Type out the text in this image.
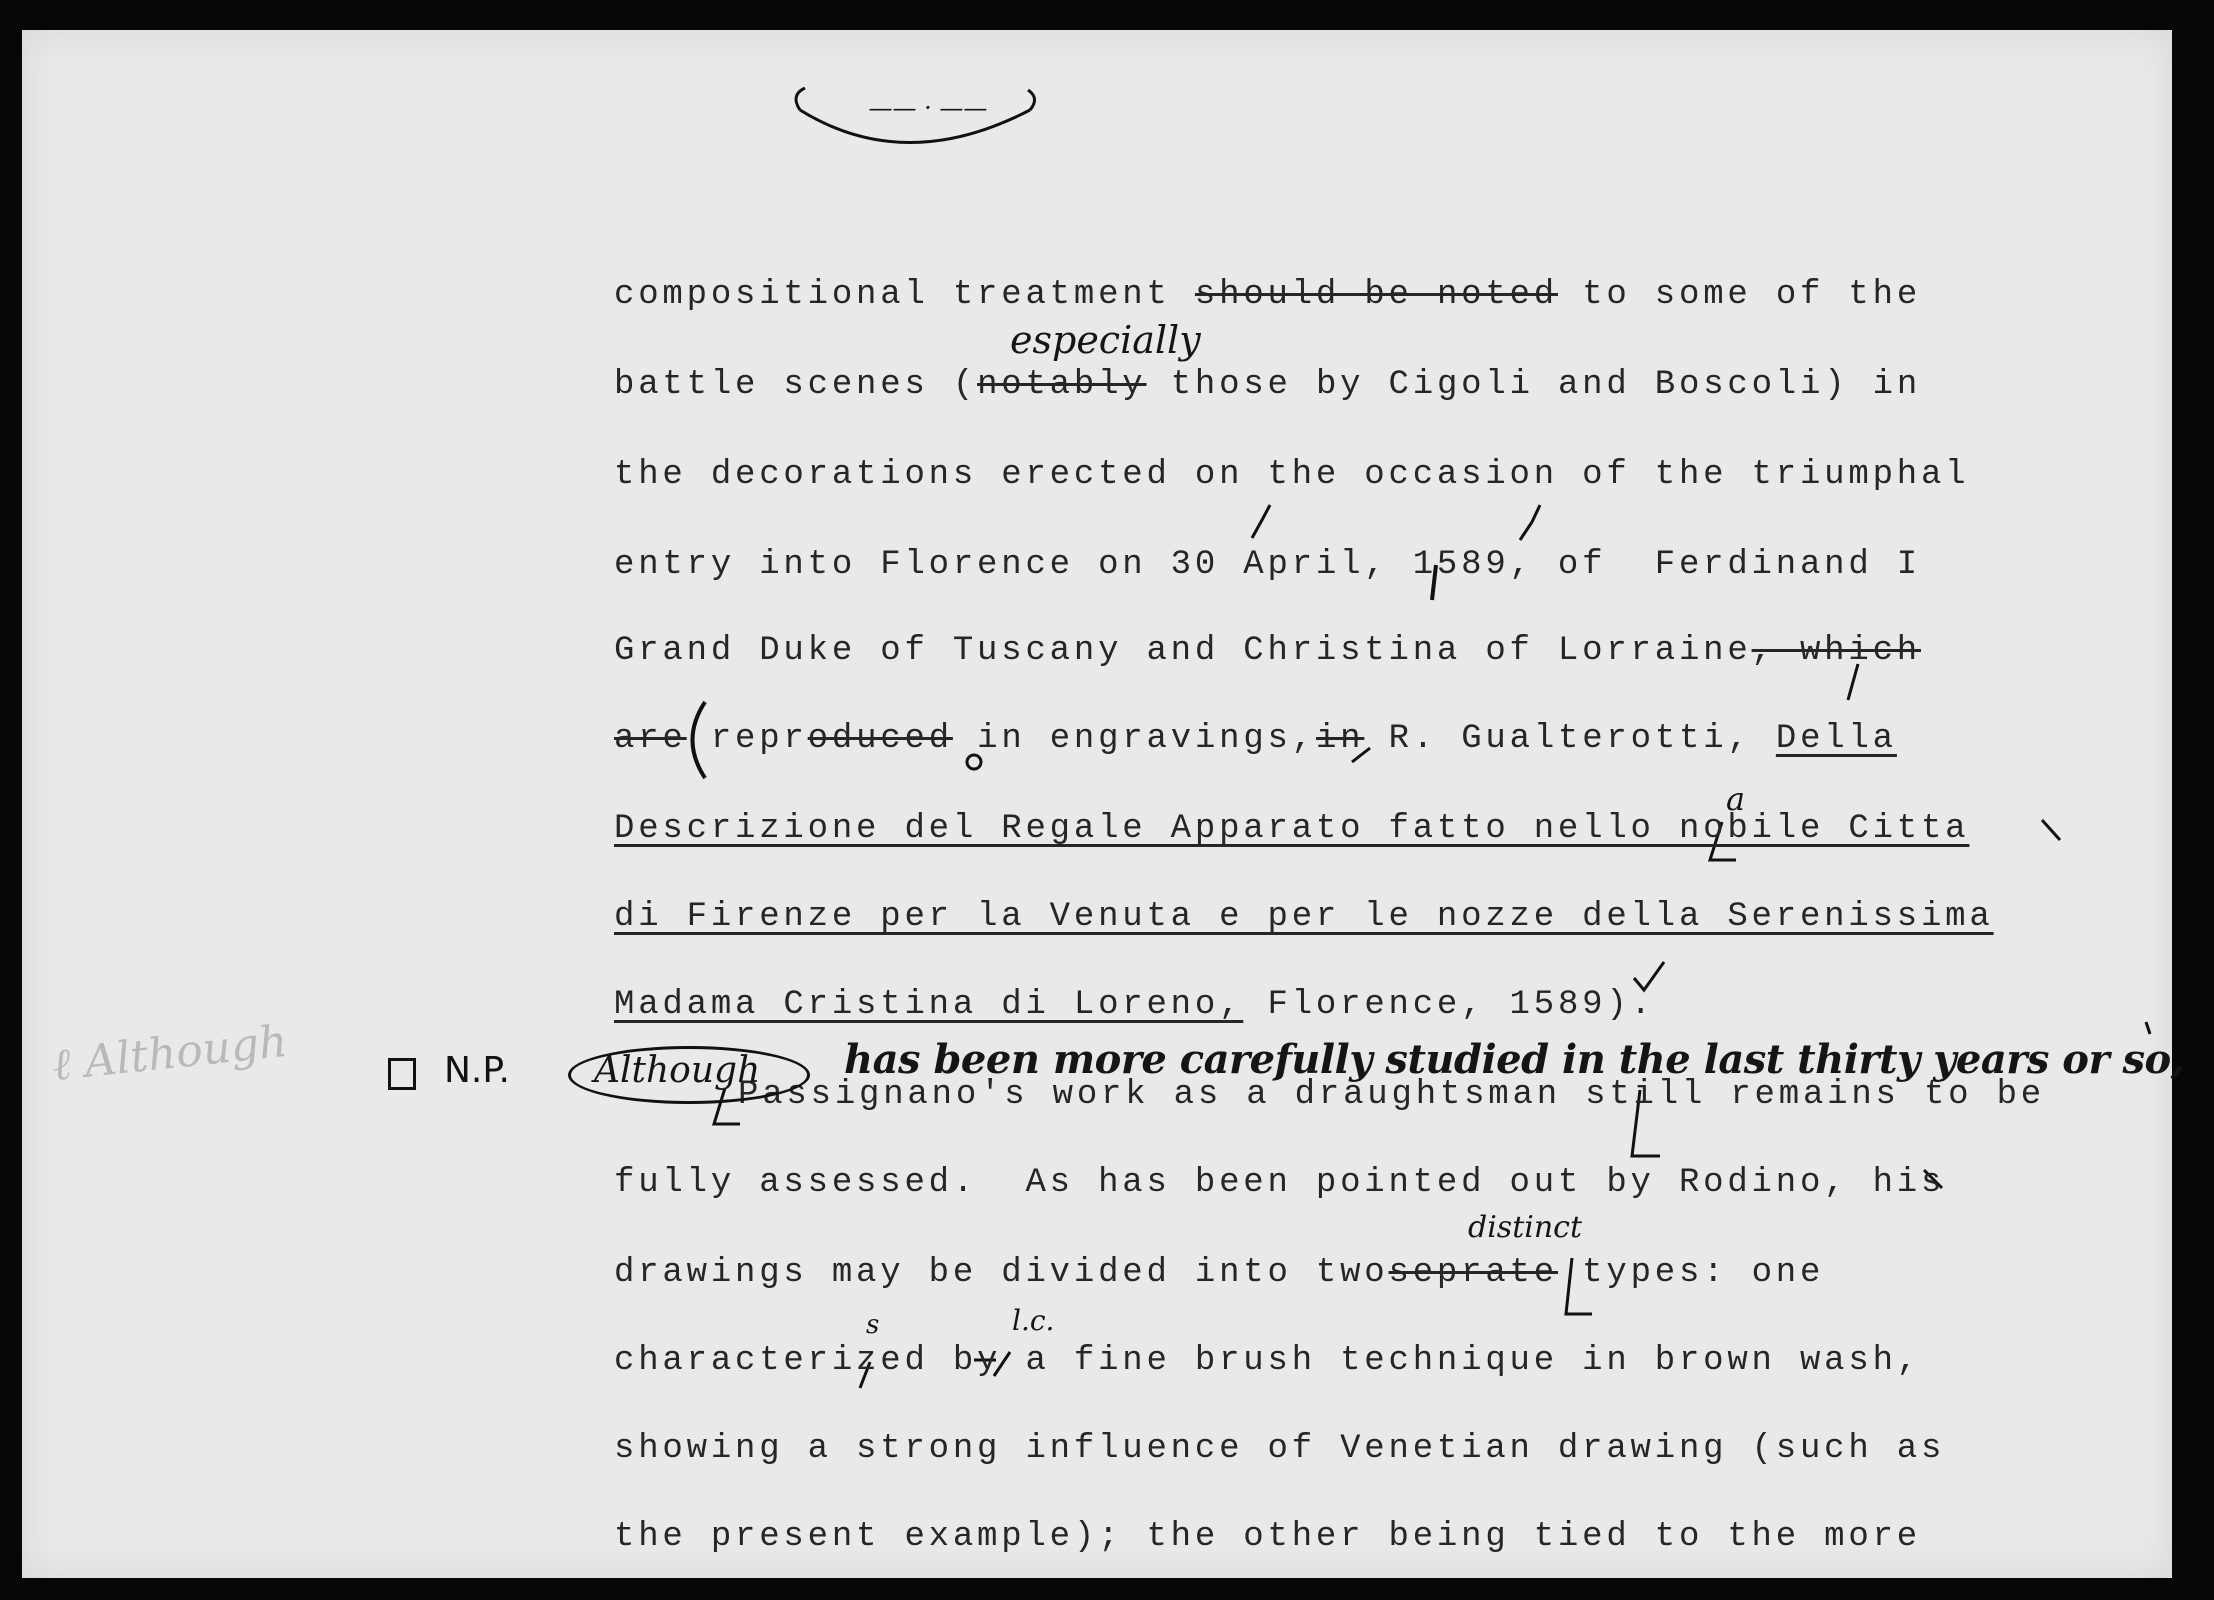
compositional treatment should be noted to some of the
battle scenes (notably those by Cigoli and Boscoli) in
the decorations erected on the occasion of the triumphal
entry into Florence on 30 April, 1589, of  Ferdinand I
Grand Duke of Tuscany and Christina of Lorraine, which
are reproduced in engravings,in R. Gualterotti, Della
Descrizione del Regale Apparato fatto nello nobile Citta
di Firenze per la Venuta e per le nozze della Serenissima
Madama Cristina di Loreno, Florence, 1589).
Passignano's work as a draughtsman still remains to be
fully assessed.  As has been pointed out by Rodino, his
drawings may be divided into twoseprate types: one
characterized by a fine brush technique in brown wash,
showing a strong influence of Venetian drawing (such as
the present example); the other being tied to the more
especially
a
N.P. Although has been more carefully studied in the last thirty years or so,
distinct
s	l.c.
—— · ——
ℓ Although
